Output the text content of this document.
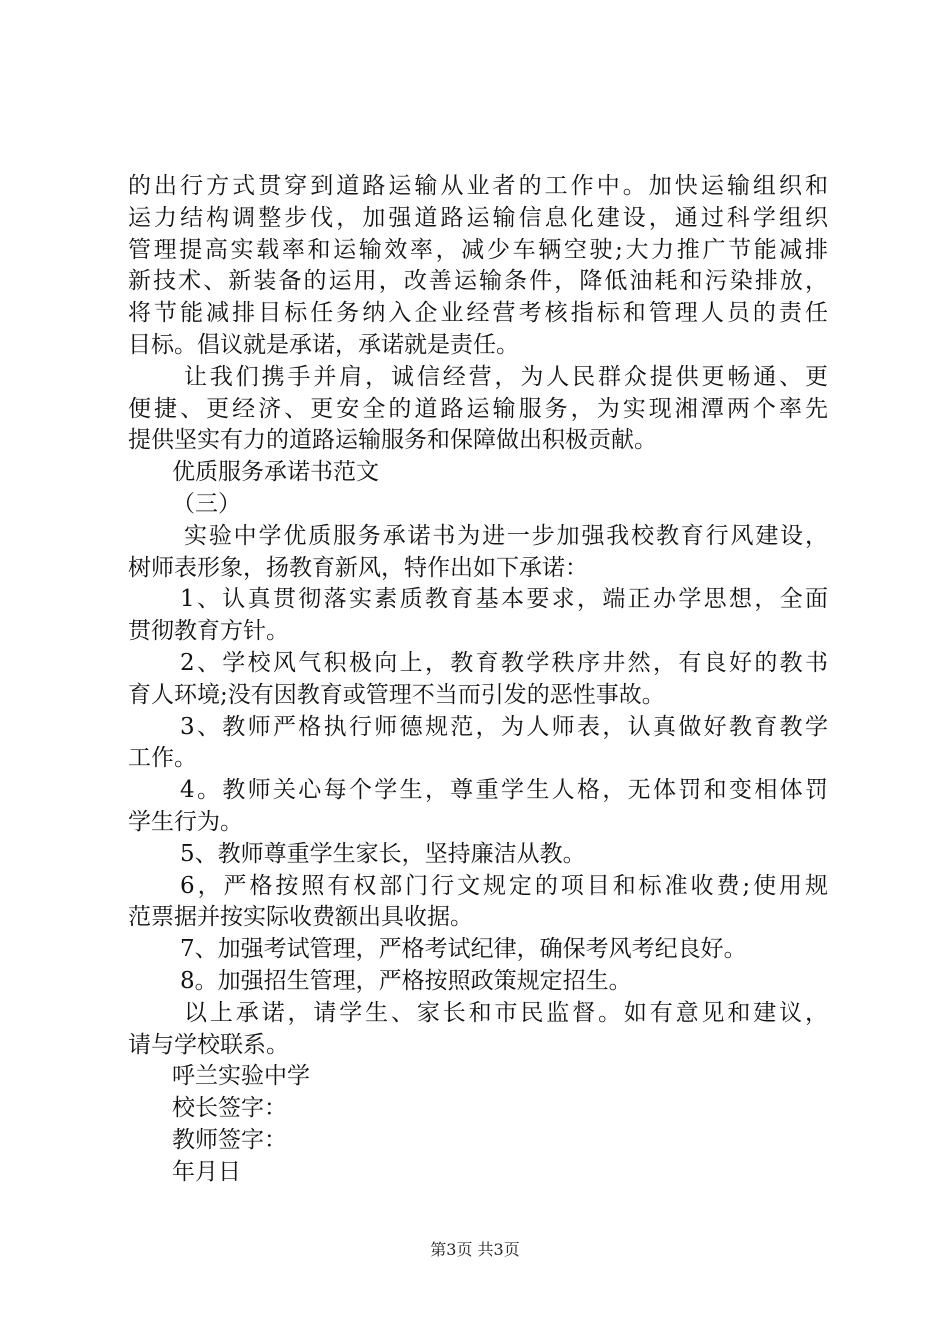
的出行方式贯穿到道路运输从业者的工作中。加快运输组织和
运力结构调整步伐，加强道路运输信息化建设，通过科学组织
管理提高实载率和运输效率，减少车辆空驶;大力推广节能减排
新技术、新装备的运用，改善运输条件，降低油耗和污染排放，
将节能减排目标任务纳入企业经营考核指标和管理人员的责任
目标。倡议就是承诺，承诺就是责任。
让我们携手并肩，诚信经营，为人民群众提供更畅通、更
便捷、更经济、更安全的道路运输服务，为实现湘潭两个率先
提供坚实有力的道路运输服务和保障做出积极贡献。
优质服务承诺书范文
（三）
实验中学优质服务承诺书为进一步加强我校教育行风建设，
树师表形象，扬教育新风，特作出如下承诺：
1、认真贯彻落实素质教育基本要求，端正办学思想，全面
贯彻教育方针。
2、学校风气积极向上，教育教学秩序井然，有良好的教书
育人环境;没有因教育或管理不当而引发的恶性事故。
3、教师严格执行师德规范，为人师表，认真做好教育教学
工作。
4。教师关心每个学生，尊重学生人格，无体罚和变相体罚
学生行为。
5、教师尊重学生家长，坚持廉洁从教。
6，严格按照有权部门行文规定的项目和标准收费;使用规
范票据并按实际收费额出具收据。
7、加强考试管理，严格考试纪律，确保考风考纪良好。
8。加强招生管理，严格按照政策规定招生。
以上承诺，请学生、家长和市民监督。如有意见和建议，
请与学校联系。
呼兰实验中学
校长签字：
教师签字：
年月日
第3页 共3页
